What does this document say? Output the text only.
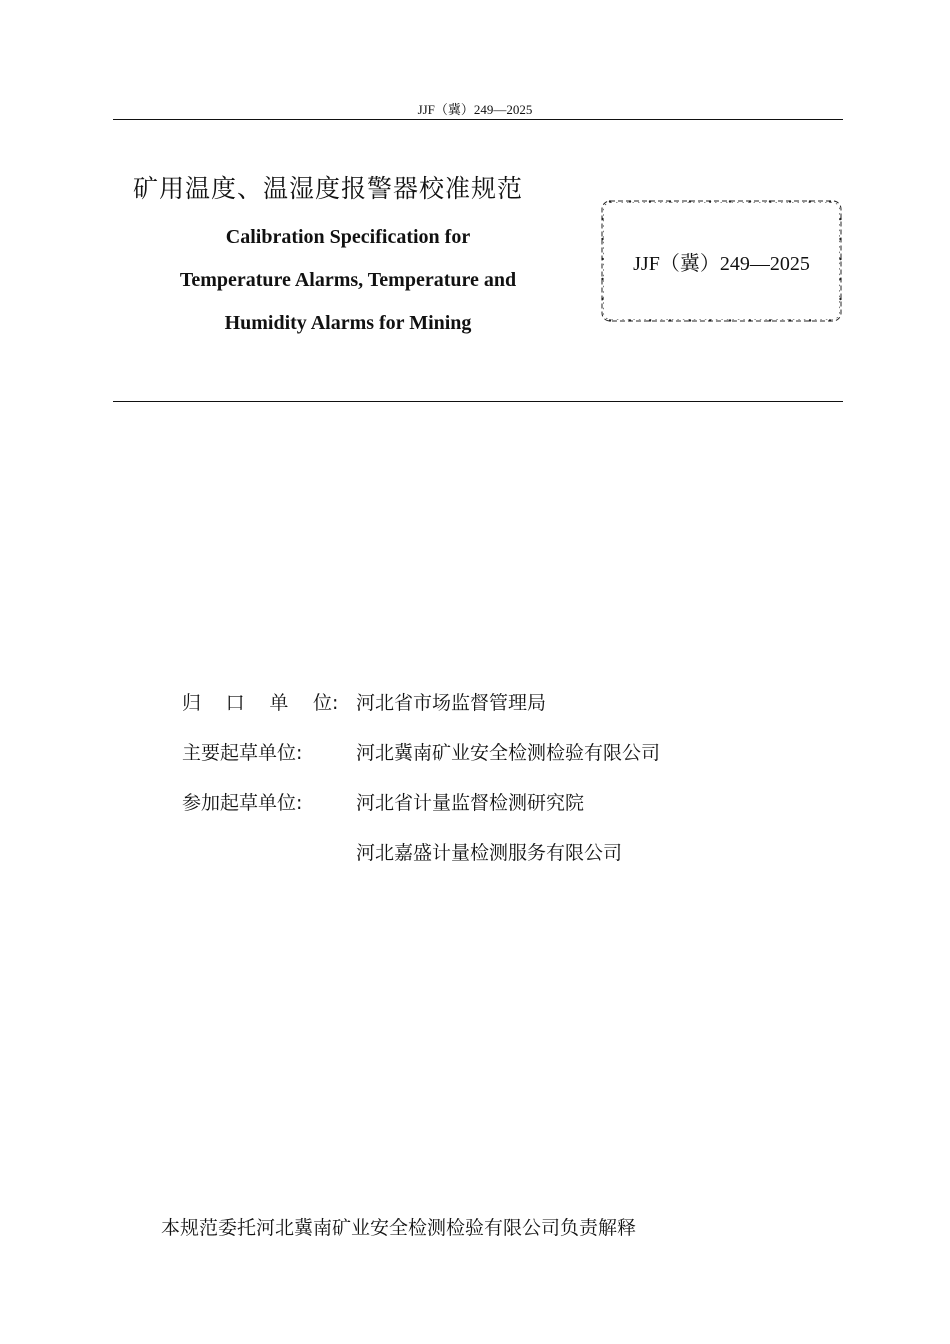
JJF（冀）249—2025
矿用温度、温湿度报警器校准规范
Calibration Specification for
Temperature Alarms, Temperature and
Humidity Alarms for Mining
JJF（冀）249—2025
归 口 单 位 : 河北省市场监督管理局
主要起草单位:	河北冀南矿业安全检测检验有限公司
参加起草单位:	河北省计量监督检测研究院
河北嘉盛计量检测服务有限公司
本规范委托河北冀南矿业安全检测检验有限公司负责解释
